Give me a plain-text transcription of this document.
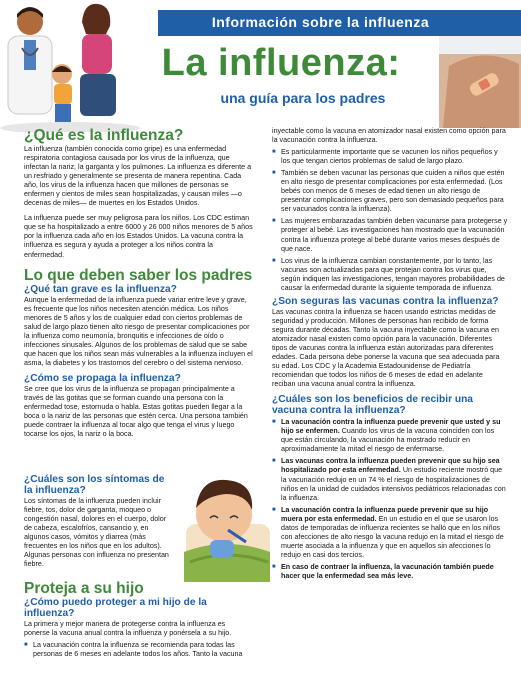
Información sobre la influenza
La influenza:
una guía para los padres
¿Qué es la influenza?

La influenza (también conocida como gripe) es una enfermedad respiratoria contagiosa causada por los virus de la influenza, que infectan la nariz, la garganta y los pulmones. La influenza es diferente a un resfriado y generalmente se presenta de manera repentina. Cada año, los virus de la influenza hacen que millones de personas se enfermen y cientos de miles sean hospitalizadas, y causan miles —o decenas de miles— de muertes en los Estados Unidos.

La influenza puede ser muy peligrosa para los niños. Los CDC estiman que se ha hospitalizado a entre 6000 y 26 000 niños menores de 5 años por la influenza cada año en los Estados Unidos. La vacuna contra la influenza es segura y ayuda a proteger a los niños contra la enfermedad.

Lo que deben saber los padres
¿Qué tan grave es la influenza?

Aunque la enfermedad de la influenza puede variar entre leve y grave, es frecuente que los niños necesiten atención médica. Los niños menores de 5 años y los de cualquier edad con ciertos problemas de salud de largo plazo tienen alto riesgo de presentar complicaciones por la influenza como neumonía, bronquitis e infecciones de oído o infecciones sinusales. Algunos de los problemas de salud que se sabe que hacen que los niños sean más vulnerables a la influenza incluyen el asma, la diabetes y los trastornos del cerebro o del sistema nervioso.

¿Cómo se propaga la influenza?

Se cree que los virus de la influenza se propagan principalmente a través de las gotitas que se forman cuando una persona con la enfermedad tose, estornuda o habla. Estas gotitas pueden llegar a la boca o la nariz de las personas que estén cerca. Una persona también puede contraer la influenza al tocar algo que tenga el virus y luego tocarse los ojos, la nariz o la boca.

¿Cuáles son los síntomas de la influenza?

Los síntomas de la influenza pueden incluir fiebre, tos, dolor de garganta, moqueo o congestión nasal, dolores en el cuerpo, dolor de cabeza, escalofríos, cansancio y, en algunos casos, vómitos y diarrea (más frecuentes en los niños que en los adultos). Algunas personas con influenza no presentan fiebre.

Proteja a su hijo
¿Cómo puedo proteger a mi hijo de la influenza?

La primera y mejor manera de protegerse contra la influenza es ponerse la vacuna anual contra la influenza y ponérsela a su hijo.

■ La vacunación contra la influenza se recomienda para todas las personas de 6 meses en adelante todos los años. Tanto la vacuna

inyectable como la vacuna en atomizador nasal existen como opción para la vacunación contra la influenza.

■ Es particularmente importante que se vacunen los niños pequeños y los que tengan ciertos problemas de salud de largo plazo.
■ También se deben vacunar las personas que cuiden a niños que estén en alto riesgo de presentar complicaciones por esta enfermedad. (Los bebés con menos de 6 meses de edad tienen un alto riesgo de presentar complicaciones graves, pero son demasiado pequeños para ser vacunados contra la influenza).
■ Las mujeres embarazadas también deben vacunarse para protegerse y proteger al bebé. Las investigaciones han mostrado que la vacunación contra la influenza protege al bebé durante varios meses después de que nace.
■ Los virus de la influenza cambian constantemente, por lo tanto, las vacunas son actualizadas para que protejan contra los virus que, según indiquen las investigaciones, tengan mayores probabilidades de causar la enfermedad durante la siguiente temporada de influenza.
¿Son seguras las vacunas contra la influenza?

Las vacunas contra la influenza se hacen usando estrictas medidas de seguridad y producción. Millones de personas han recibido de forma segura durante décadas. Tanto la vacuna inyectable como la vacuna en atomizador nasal existen como opción para la vacunación. Diferentes tipos de vacunas contra la influenza están autorizadas para diferentes edades. Cada persona debe ponerse la vacuna que sea adecuada para su edad. Los CDC y la Academia Estadounidense de Pediatría recomiendan que todos los niños de 6 meses de edad en adelante reciban una vacuna anual contra la influenza.

¿Cuáles son los beneficios de recibir una vacuna contra la influenza?
■ La vacunación contra la influenza puede prevenir que usted y su hijo se enfermen. Cuando los virus de la vacuna coinciden con los que están circulando, la vacunación ha mostrado reducir en aproximadamente la mitad el riesgo de enfermarse.
■ Las vacunas contra la influenza pueden prevenir que su hijo sea hospitalizado por esta enfermedad. Un estudio reciente mostró que la vacunación redujo en un 74 % el riesgo de hospitalizaciones de niños en la unidad de cuidados intensivos pediátricos relacionadas con la influenza.
■ La vacunación contra la influenza puede prevenir que su hijo muera por esta enfermedad. En un estudio en el que se usaron los datos de temporadas de influenza recientes se halló que en los niños con afecciones de alto riesgo la vacuna redujo en la mitad el riesgo de muerte asociada a la influenza y que en aquellos sin afecciones lo redujo en casi dos tercios.
■ En caso de contraer la influenza, la vacunación también puede hacer que la enfermedad sea más leve.
